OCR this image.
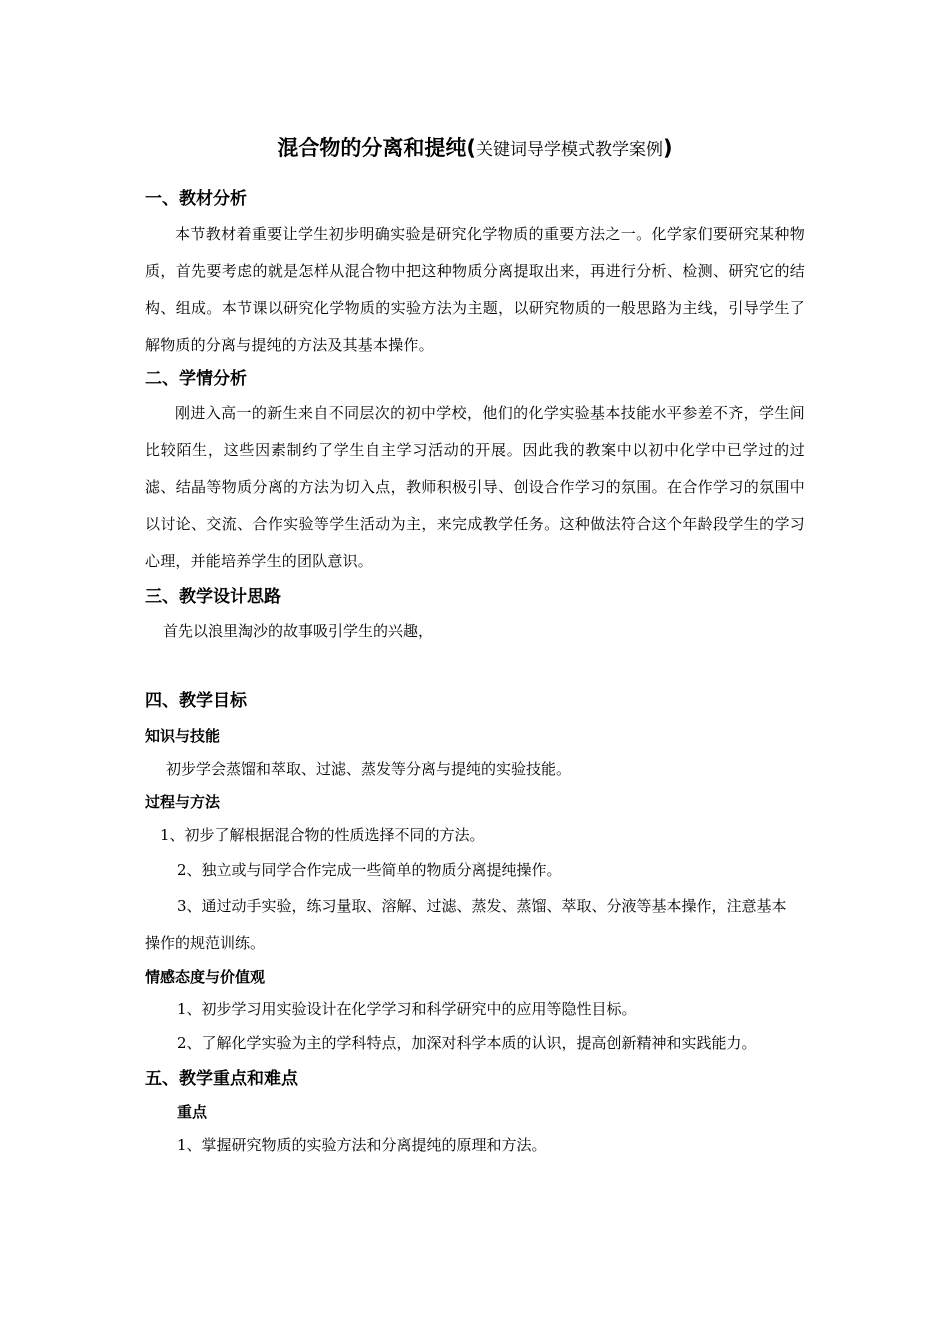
混合物的分离和提纯(关键词导学模式教学案例)
一、教材分析
本节教材着重要让学生初步明确实验是研究化学物质的重要方法之一。化学家们要研究某种物质，首先要考虑的就是怎样从混合物中把这种物质分离提取出来，再进行分析、检测、研究它的结构、组成。本节课以研究化学物质的实验方法为主题，以研究物质的一般思路为主线，引导学生了解物质的分离与提纯的方法及其基本操作。
二、学情分析
刚进入高一的新生来自不同层次的初中学校，他们的化学实验基本技能水平参差不齐，学生间比较陌生，这些因素制约了学生自主学习活动的开展。因此我的教案中以初中化学中已学过的过滤、结晶等物质分离的方法为切入点，教师积极引导、创设合作学习的氛围。在合作学习的氛围中以讨论、交流、合作实验等学生活动为主，来完成教学任务。这种做法符合这个年龄段学生的学习心理，并能培养学生的团队意识。
三、教学设计思路
首先以浪里淘沙的故事吸引学生的兴趣，
四、教学目标
知识与技能
初步学会蒸馏和萃取、过滤、蒸发等分离与提纯的实验技能。
过程与方法
1、初步了解根据混合物的性质选择不同的方法。
2、独立或与同学合作完成一些简单的物质分离提纯操作。
3、通过动手实验，练习量取、溶解、过滤、蒸发、蒸馏、萃取、分液等基本操作，注意基本
操作的规范训练。
情感态度与价值观
1、初步学习用实验设计在化学学习和科学研究中的应用等隐性目标。
2、了解化学实验为主的学科特点，加深对科学本质的认识，提高创新精神和实践能力。
五、教学重点和难点
重点
1、掌握研究物质的实验方法和分离提纯的原理和方法。
